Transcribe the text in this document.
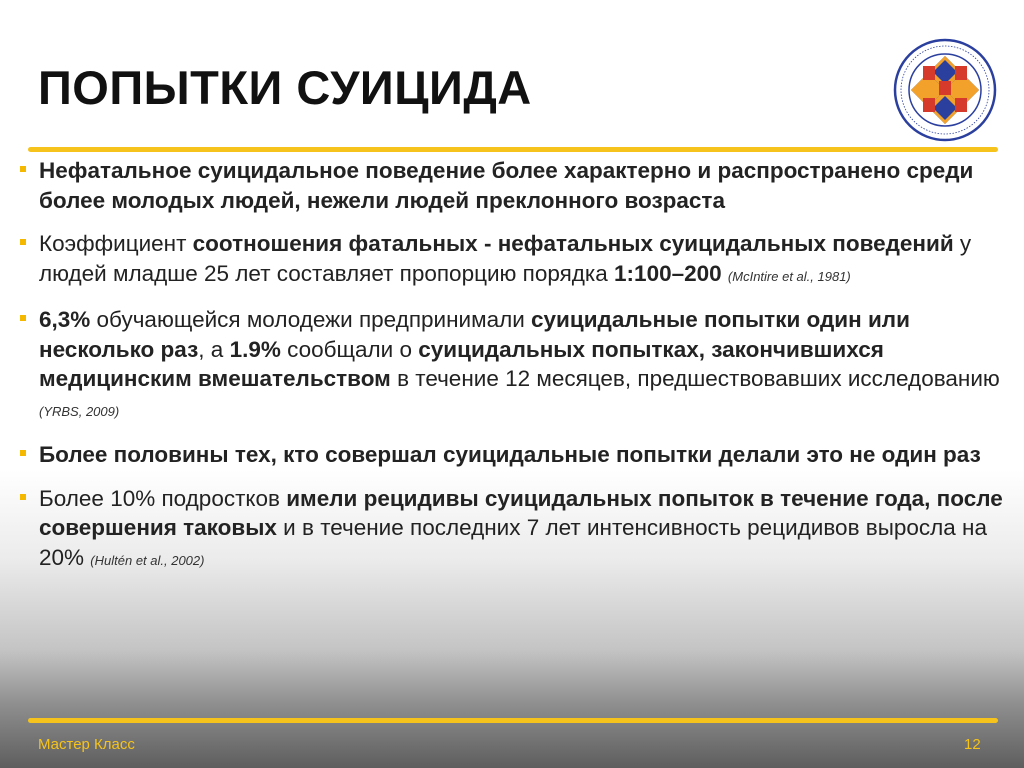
ПОПЫТКИ СУИЦИДА
Нефатальное суицидальное поведение более характерно и распространено среди более молодых людей, нежели людей преклонного возраста
Коэффициент соотношения фатальных - нефатальных суицидальных поведений у людей младше 25 лет составляет пропорцию порядка 1:100–200 (McIntire et al., 1981)
6,3% обучающейся молодежи предпринимали суицидальные попытки один или несколько раз, а 1.9% сообщали о суицидальных попытках, закончившихся медицинским вмешательством в течение 12 месяцев, предшествовавших исследованию (YRBS, 2009)
Более половины тех, кто совершал суицидальные попытки делали это не один раз
Более 10% подростков имели рецидивы суицидальных попыток в течение года, после совершения таковых и в течение последних 7 лет интенсивность рецидивов выросла на 20% (Hultén et al., 2002)
Мастер Класс	12
